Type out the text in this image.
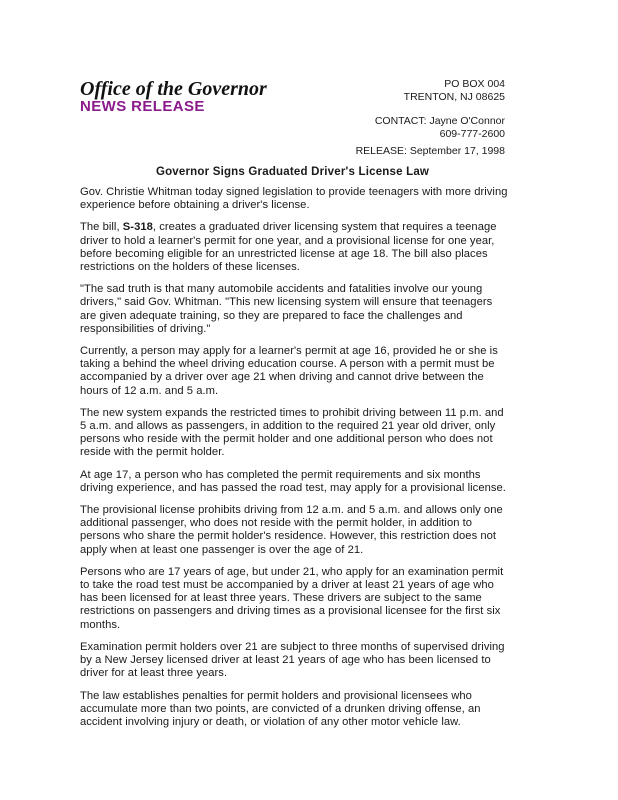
Office of the Governor
NEWS RELEASE
PO BOX 004
TRENTON, NJ 08625
CONTACT: Jayne O'Connor
609-777-2600
RELEASE: September 17, 1998
Governor Signs Graduated Driver's License Law

Gov. Christie Whitman today signed legislation to provide teenagers with more driving experience before obtaining a driver's license.

The bill, S-318, creates a graduated driver licensing system that requires a teenage driver to hold a learner's permit for one year, and a provisional license for one year, before becoming eligible for an unrestricted license at age 18. The bill also places restrictions on the holders of these licenses.

"The sad truth is that many automobile accidents and fatalities involve our young drivers," said Gov. Whitman. "This new licensing system will ensure that teenagers are given adequate training, so they are prepared to face the challenges and responsibilities of driving."

Currently, a person may apply for a learner's permit at age 16, provided he or she is taking a behind the wheel driving education course. A person with a permit must be accompanied by a driver over age 21 when driving and cannot drive between the hours of 12 a.m. and 5 a.m.

The new system expands the restricted times to prohibit driving between 11 p.m. and 5 a.m. and allows as passengers, in addition to the required 21 year old driver, only persons who reside with the permit holder and one additional person who does not reside with the permit holder.

At age 17, a person who has completed the permit requirements and six months driving experience, and has passed the road test, may apply for a provisional license.

The provisional license prohibits driving from 12 a.m. and 5 a.m. and allows only one additional passenger, who does not reside with the permit holder, in addition to persons who share the permit holder's residence. However, this restriction does not apply when at least one passenger is over the age of 21.

Persons who are 17 years of age, but under 21, who apply for an examination permit to take the road test must be accompanied by a driver at least 21 years of age who has been licensed for at least three years. These drivers are subject to the same restrictions on passengers and driving times as a provisional licensee for the first six months.

Examination permit holders over 21 are subject to three months of supervised driving by a New Jersey licensed driver at least 21 years of age who has been licensed to driver for at least three years.

The law establishes penalties for permit holders and provisional licensees who accumulate more than two points, are convicted of a drunken driving offense, an accident involving injury or death, or violation of any other motor vehicle law.
